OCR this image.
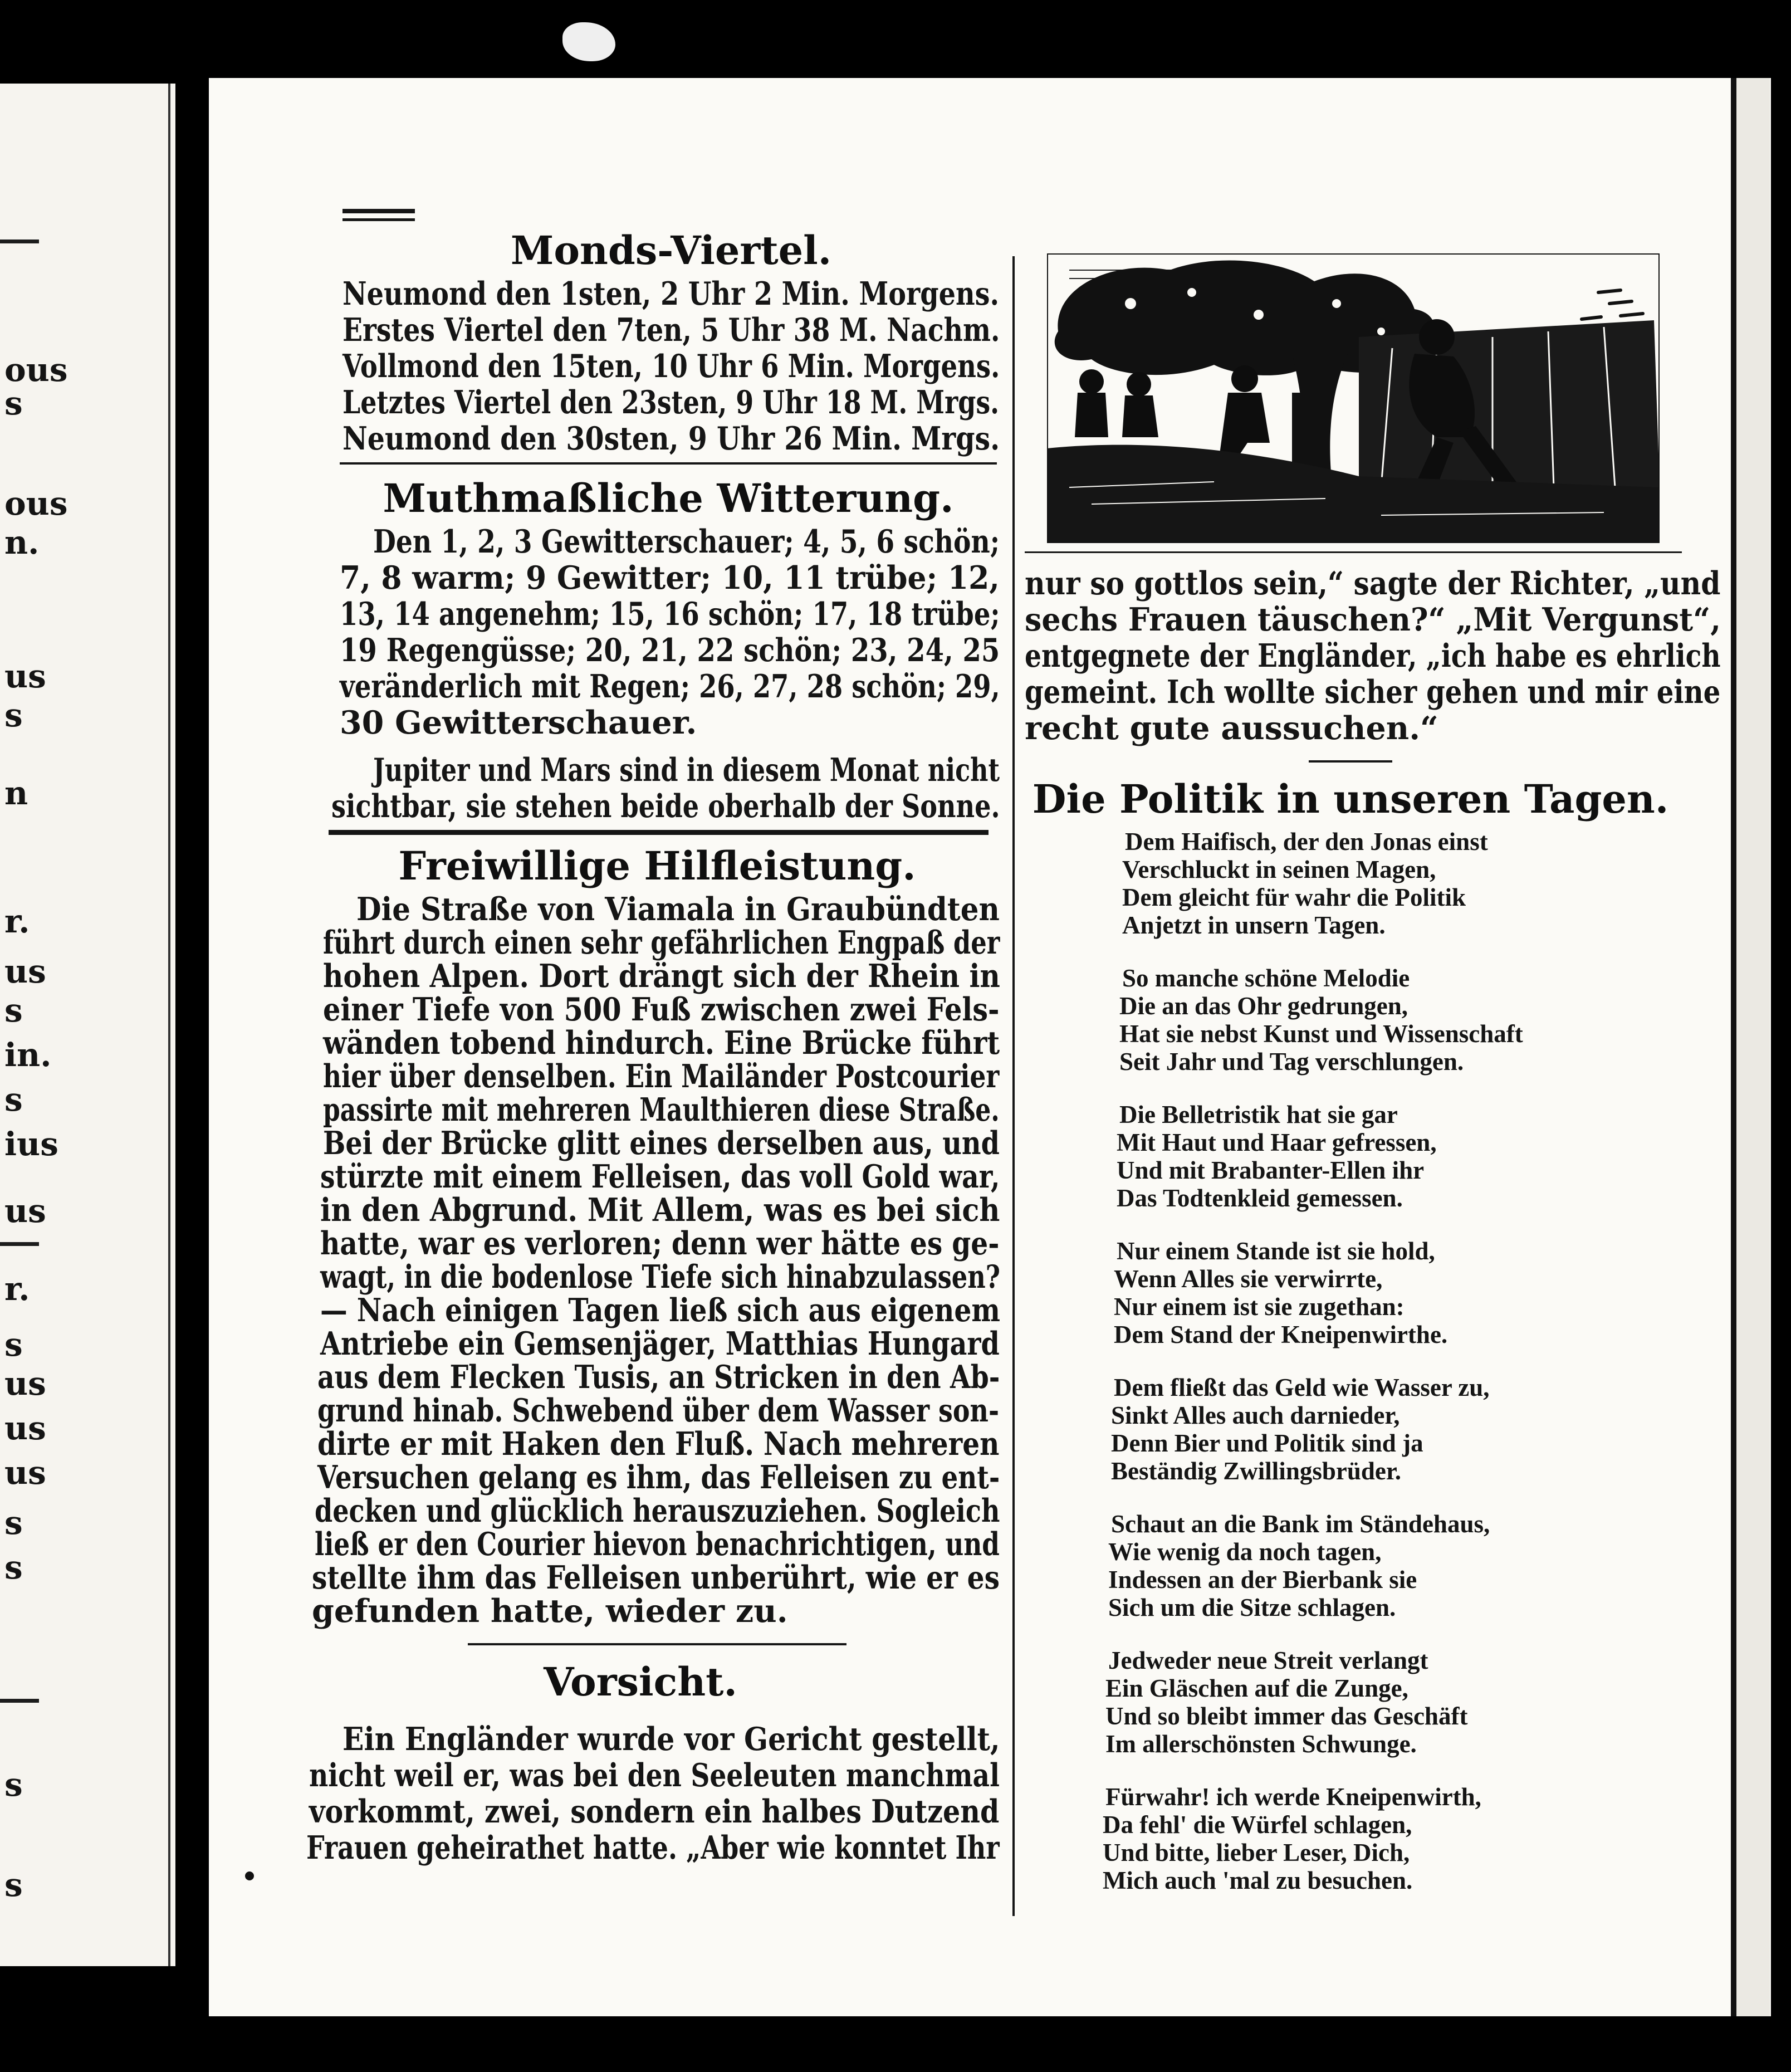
ous
s
ous
n.
us
s
n
r.
us
s
in.
s
ius
us
r.
s
us
us
us
s
s
s
s
Monds-Viertel.
Neumond den 1sten, 2 Uhr 2 Min. Morgens.
Erstes Viertel den 7ten, 5 Uhr 38 M. Nachm.
Vollmond den 15ten, 10 Uhr 6 Min. Morgens.
Letztes Viertel den 23sten, 9 Uhr 18 M. Mrgs.
Neumond den 30sten, 9 Uhr 26 Min. Mrgs.
Muthmaßliche Witterung.
Den 1, 2, 3 Gewitterschauer; 4, 5, 6 schön;
7, 8 warm; 9 Gewitter; 10, 11 trübe; 12,
13, 14 angenehm; 15, 16 schön; 17, 18 trübe;
19 Regengüsse; 20, 21, 22 schön; 23, 24, 25
veränderlich mit Regen; 26, 27, 28 schön; 29,
30 Gewitterschauer.
Jupiter und Mars sind in diesem Monat nicht
sichtbar, sie stehen beide oberhalb der Sonne.
Freiwillige Hilfleistung.
Die Straße von Viamala in Graubündten
führt durch einen sehr gefährlichen Engpaß der
hohen Alpen. Dort drängt sich der Rhein in
einer Tiefe von 500 Fuß zwischen zwei Fels-
wänden tobend hindurch. Eine Brücke führt
hier über denselben. Ein Mailänder Postcourier
passirte mit mehreren Maulthieren diese Straße.
Bei der Brücke glitt eines derselben aus, und
stürzte mit einem Felleisen, das voll Gold war,
in den Abgrund. Mit Allem, was es bei sich
hatte, war es verloren; denn wer hätte es ge-
wagt, in die bodenlose Tiefe sich hinabzulassen?
— Nach einigen Tagen ließ sich aus eigenem
Antriebe ein Gemsenjäger, Matthias Hungard
aus dem Flecken Tusis, an Stricken in den Ab-
grund hinab. Schwebend über dem Wasser son-
dirte er mit Haken den Fluß. Nach mehreren
Versuchen gelang es ihm, das Felleisen zu ent-
decken und glücklich herauszuziehen. Sogleich
ließ er den Courier hievon benachrichtigen, und
stellte ihm das Felleisen unberührt, wie er es
gefunden hatte, wieder zu.
Vorsicht.
Ein Engländer wurde vor Gericht gestellt,
nicht weil er, was bei den Seeleuten manchmal
vorkommt, zwei, sondern ein halbes Dutzend
Frauen geheirathet hatte. „Aber wie konntet Ihr
nur so gottlos sein,“ sagte der Richter, „und
sechs Frauen täuschen?“ „Mit Vergunst“,
entgegnete der Engländer, „ich habe es ehrlich
gemeint. Ich wollte sicher gehen und mir eine
recht gute aussuchen.“
Die Politik in unseren Tagen.
Dem Haifisch, der den Jonas einst
Verschluckt in seinen Magen,
Dem gleicht für wahr die Politik
Anjetzt in unsern Tagen.
So manche schöne Melodie
Die an das Ohr gedrungen,
Hat sie nebst Kunst und Wissenschaft
Seit Jahr und Tag verschlungen.
Die Belletristik hat sie gar
Mit Haut und Haar gefressen,
Und mit Brabanter-Ellen ihr
Das Todtenkleid gemessen.
Nur einem Stande ist sie hold,
Wenn Alles sie verwirrte,
Nur einem ist sie zugethan:
Dem Stand der Kneipenwirthe.
Dem fließt das Geld wie Wasser zu,
Sinkt Alles auch darnieder,
Denn Bier und Politik sind ja
Beständig Zwillingsbrüder.
Schaut an die Bank im Ständehaus,
Wie wenig da noch tagen,
Indessen an der Bierbank sie
Sich um die Sitze schlagen.
Jedweder neue Streit verlangt
Ein Gläschen auf die Zunge,
Und so bleibt immer das Geschäft
Im allerschönsten Schwunge.
Fürwahr! ich werde Kneipenwirth,
Da fehl' die Würfel schlagen,
Und bitte, lieber Leser, Dich,
Mich auch 'mal zu besuchen.
